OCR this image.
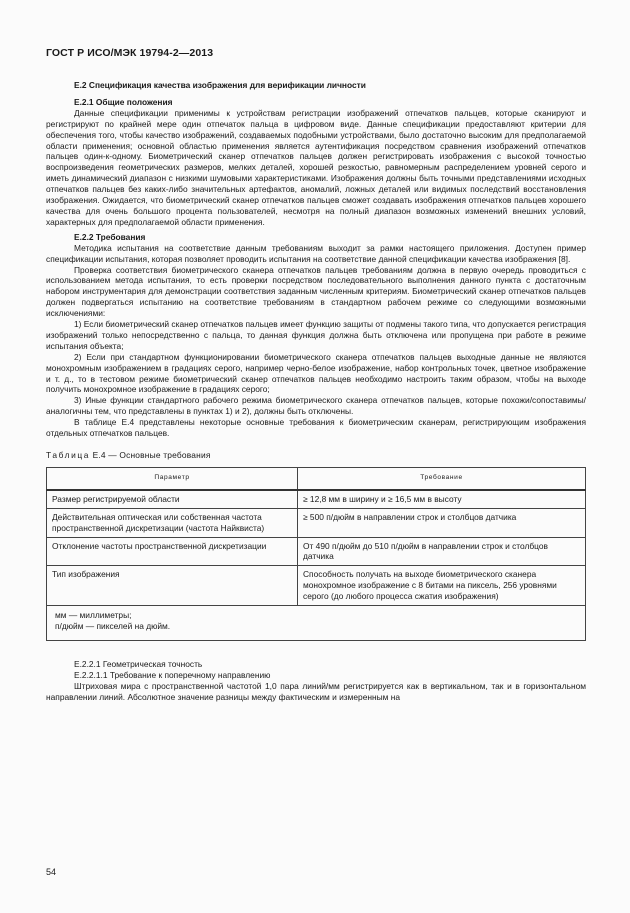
ГОСТ Р ИСО/МЭК 19794-2—2013

Е.2 Спецификация качества изображения для верификации личности

Е.2.1 Общие положения

Данные спецификации применимы к устройствам регистрации изображений отпечатков пальцев, которые сканируют и регистрируют по крайней мере один отпечаток пальца в цифровом виде. Данные спецификации предоставляют критерии для обеспечения того, чтобы качество изображений, создаваемых подобными устройствами, было достаточно высоким для предполагаемой области применения; основной областью применения является аутентификация посредством сравнения изображений отпечатков пальцев один-к-одному. Биометрический сканер отпечатков пальцев должен регистрировать изображения с высокой точностью воспроизведения геометрических размеров, мелких деталей, хорошей резкостью, равномерным распределением уровней серого и иметь динамический диапазон с низкими шумовыми характеристиками. Изображения должны быть точными представлениями исходных отпечатков пальцев без каких-либо значительных артефактов, аномалий, ложных деталей или видимых последствий восстановления изображения. Ожидается, что биометрический сканер отпечатков пальцев сможет создавать изображения отпечатков пальцев хорошего качества для очень большого процента пользователей, несмотря на полный диапазон возможных изменений внешних условий, характерных для предполагаемой области применения.

Е.2.2 Требования

Методика испытания на соответствие данным требованиям выходит за рамки настоящего приложения. Доступен пример спецификации испытания, которая позволяет проводить испытания на соответствие данной спецификации качества изображения [8].

Проверка соответствия биометрического сканера отпечатков пальцев требованиям должна в первую очередь проводиться с использованием метода испытания, то есть проверки посредством последовательного выполнения данного пункта с достаточным набором инструментария для демонстрации соответствия заданным численным критериям. Биометрический сканер отпечатков пальцев должен подвергаться испытанию на соответствие требованиям в стандартном рабочем режиме со следующими возможными исключениями:

1) Если биометрический сканер отпечатков пальцев имеет функцию защиты от подмены такого типа, что допускается регистрация изображений только непосредственно с пальца, то данная функция должна быть отключена или пропущена при работе в режиме испытания объекта;

2) Если при стандартном функционировании биометрического сканера отпечатков пальцев выходные данные не являются монохромным изображением в градациях серого, например черно-белое изображение, набор контрольных точек, цветное изображение и т. д., то в тестовом режиме биометрический сканер отпечатков пальцев необходимо настроить таким образом, чтобы на выходе получить монохромное изображение в градациях серого;

3) Иные функции стандартного рабочего режима биометрического сканера отпечатков пальцев, которые похожи/сопоставимы/аналогичны тем, что представлены в пунктах 1) и 2), должны быть отключены.

В таблице Е.4 представлены некоторые основные требования к биометрическим сканерам, регистрирующим изображения отдельных отпечатков пальцев.

Таблица Е.4 — Основные требования

Параметр	Требование
Размер регистрируемой области	≥ 12,8 мм в ширину и ≥ 16,5 мм в высоту
Действительная оптическая или собственная частота пространственной дискретизации (частота Найквиста)	≥ 500 п/дюйм в направлении строк и столбцов датчика
Отклонение частоты пространственной дискретизации	От 490 п/дюйм до 510 п/дюйм в направлении строк и столбцов датчика
Тип изображения	Способность получать на выходе биометрического сканера монохромное изображение с 8 битами на пиксель, 256 уровнями серого (до любого процесса сжатия изображения)

мм — миллиметры;
п/дюйм — пикселей на дюйм.	

Е.2.2.1 Геометрическая точность

Е.2.2.1.1 Требование к поперечному направлению

Штриховая мира с пространственной частотой 1,0 пара линий/мм регистрируется как в вертикальном, так и в горизонтальном направлении линий. Абсолютное значение разницы между фактическим и измеренным на

54
